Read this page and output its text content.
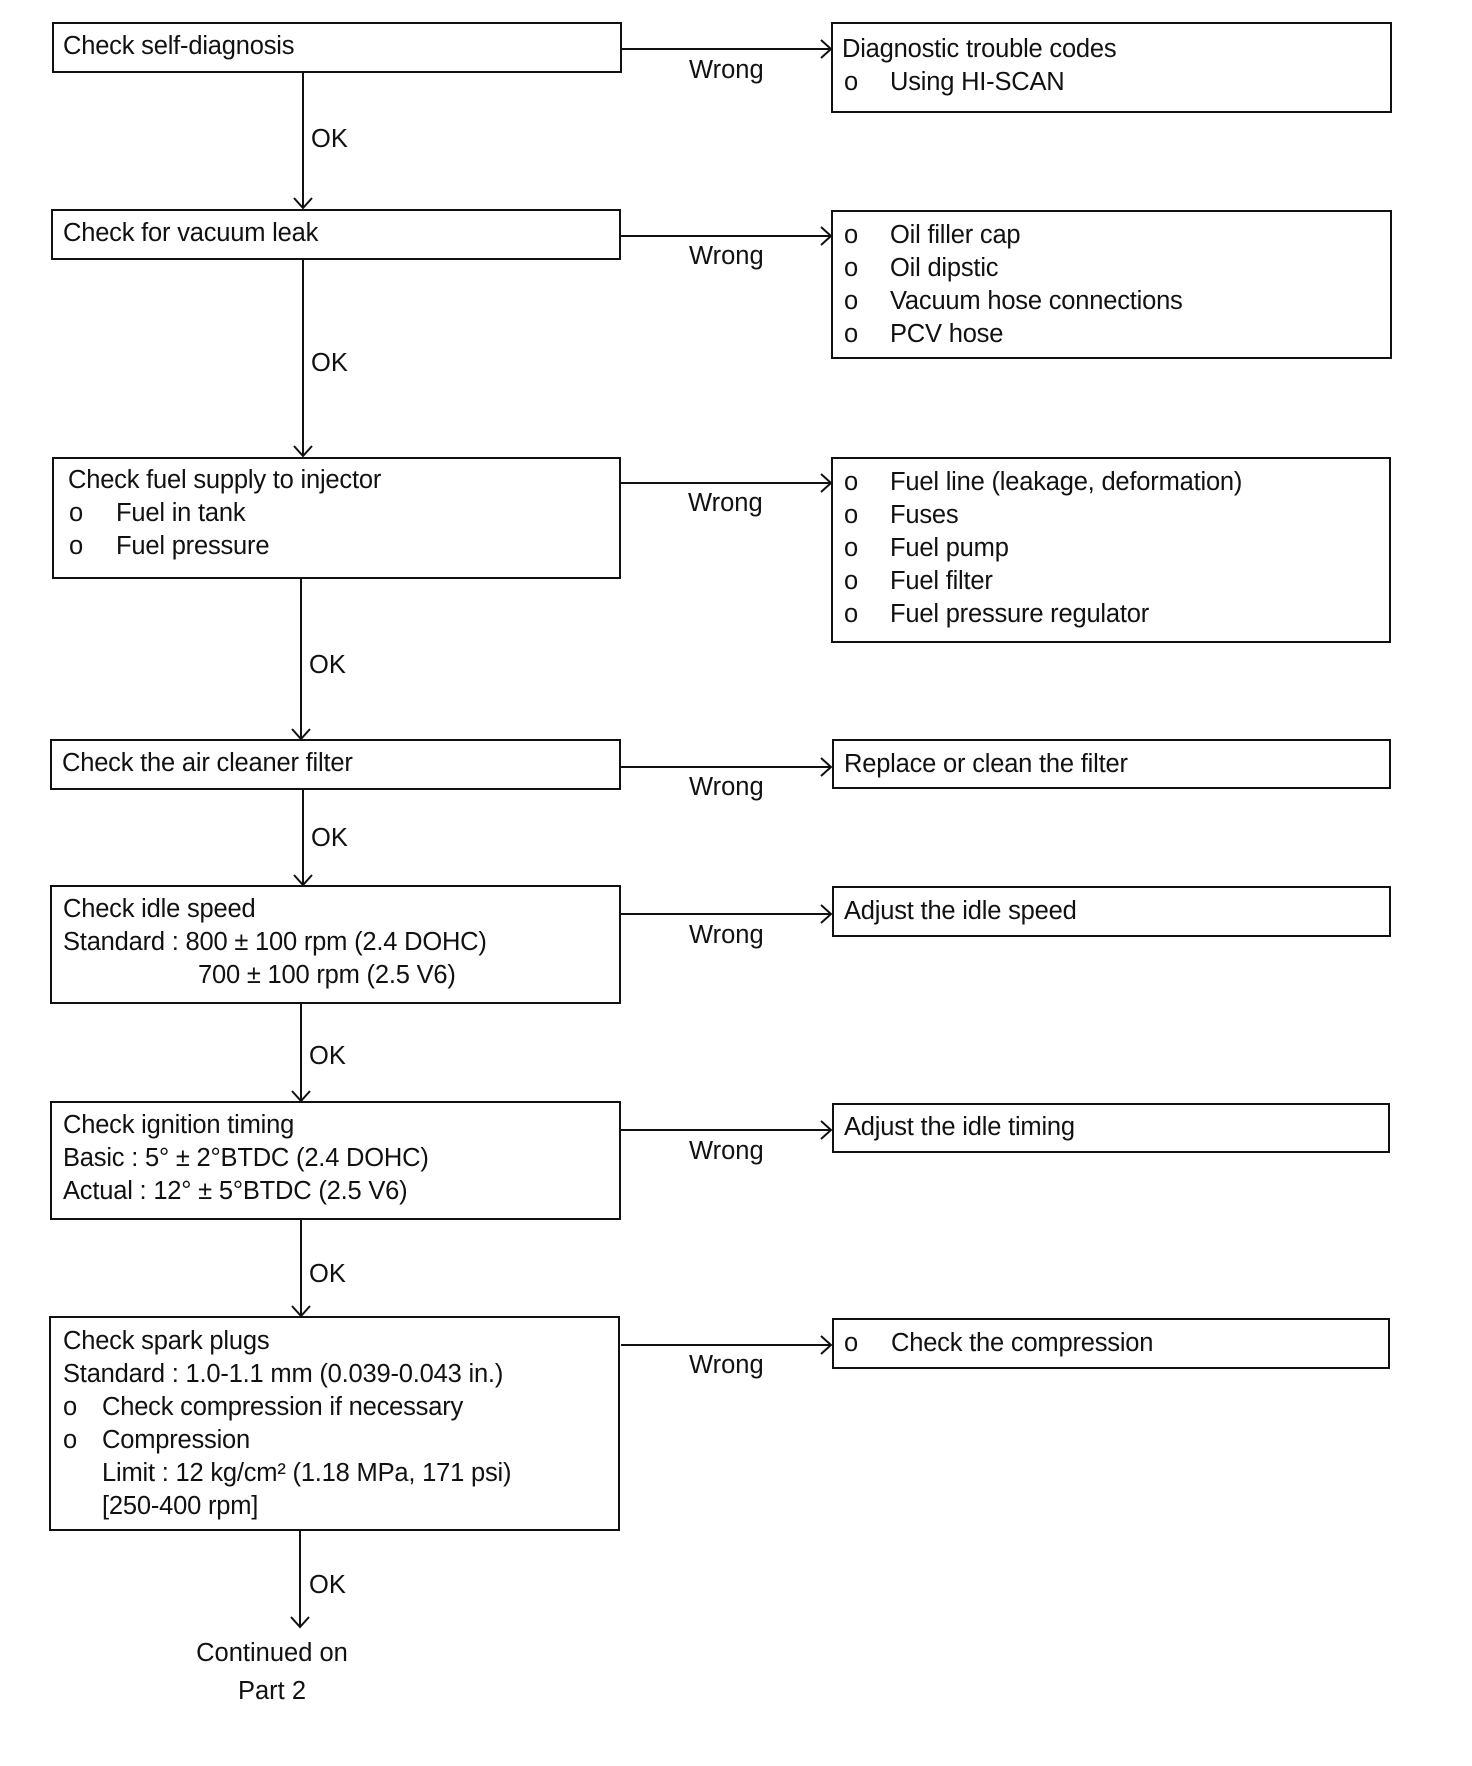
Check self-diagnosis
OK
Wrong
Diagnostic trouble codes
o Using HI-SCAN
Check for vacuum leak
OK
Wrong
o Oil filler cap
o Oil dipstic
o Vacuum hose connections
o PCV hose
Check fuel supply to injector
o Fuel in tank
o Fuel pressure
OK
Wrong
o Fuel line (leakage, deformation)
o Fuses
o Fuel pump
o Fuel filter
o Fuel pressure regulator
Check the air cleaner filter
OK
Wrong
Replace or clean the filter
Check idle speed
Standard : 800 ± 100 rpm (2.4 DOHC)
700 ± 100 rpm (2.5 V6)
OK
Wrong
Adjust the idle speed
Check ignition timing
Basic : 5° ± 2°BTDC (2.4 DOHC)
Actual : 12° ± 5°BTDC (2.5 V6)
OK
Wrong
Adjust the idle timing
Check spark plugs
Standard : 1.0-1.1 mm (0.039-0.043 in.)
o Check compression if necessary
o Compression
Limit : 12 kg/cm² (1.18 MPa, 171 psi)
[250-400 rpm]
OK
Wrong
o Check the compression
Continued on
Part 2
